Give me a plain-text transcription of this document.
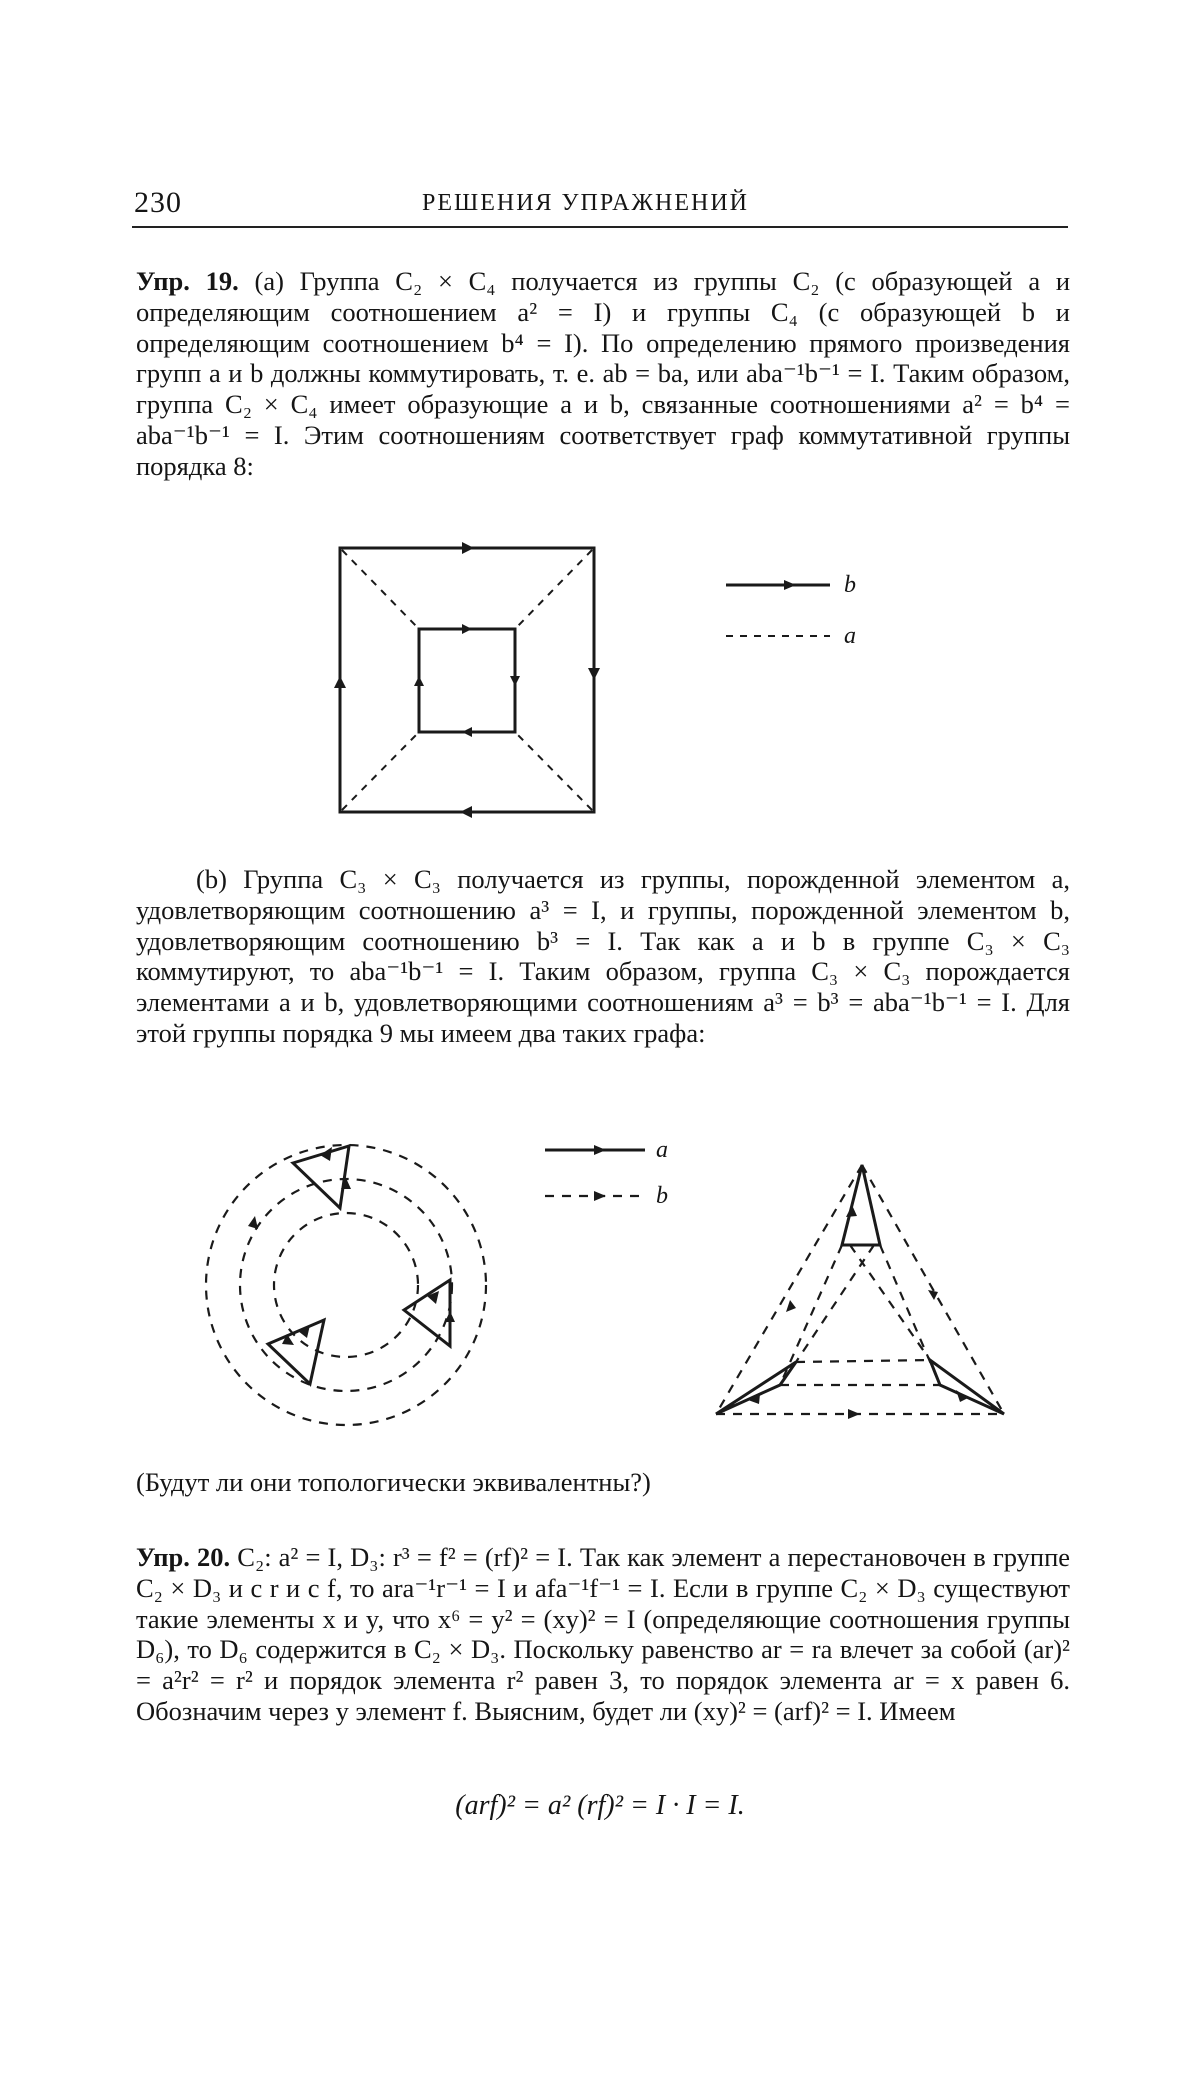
230	РЕШЕНИЯ УПРАЖНЕНИЙ

Упр. 19. (а) Группа C₂ × C₄ получается из группы C₂ (с образующей a и определяющим соотношением a² = I) и группы C₄ (с образующей b и определяющим соотношением b⁴ = I). По определению прямого произведения групп a и b должны коммутировать, т. е. ab = ba, или aba⁻¹b⁻¹ = I. Таким образом, группа C₂ × C₄ имеет образующие a и b, связанные соотношениями a² = b⁴ = aba⁻¹b⁻¹ = I. Этим соотношениям соответствует граф коммутативной группы порядка 8:

b
a

(b) Группа C₃ × C₃ получается из группы, порожденной элементом a, удовлетворяющим соотношению a³ = I, и группы, порожденной элементом b, удовлетворяющим соотношению b³ = I. Так как a и b в группе C₃ × C₃ коммутируют, то aba⁻¹b⁻¹ = I. Таким образом, группа C₃ × C₃ порождается элементами a и b, удовлетворяющими соотношениям a³ = b³ = aba⁻¹b⁻¹ = I. Для этой группы порядка 9 мы имеем два таких графа:

a
b

(Будут ли они топологически эквивалентны?)

Упр. 20. C₂: a² = I, D₃: r³ = f² = (rf)² = I. Так как элемент a перестановочен в группе C₂ × D₃ и с r и с f, то ara⁻¹r⁻¹ = I и afa⁻¹f⁻¹ = I. Если в группе C₂ × D₃ существуют такие элементы x и y, что x⁶ = y² = (xy)² = I (определяющие соотношения группы D₆), то D₆ содержится в C₂ × D₃. Поскольку равенство ar = ra влечет за собой (ar)² = a²r² = r² и порядок элемента r² равен 3, то порядок элемента ar = x равен 6. Обозначим через y элемент f. Выясним, будет ли (xy)² = (arf)² = I. Имеем

(arf)² = a² (rf)² = I · I = I.
